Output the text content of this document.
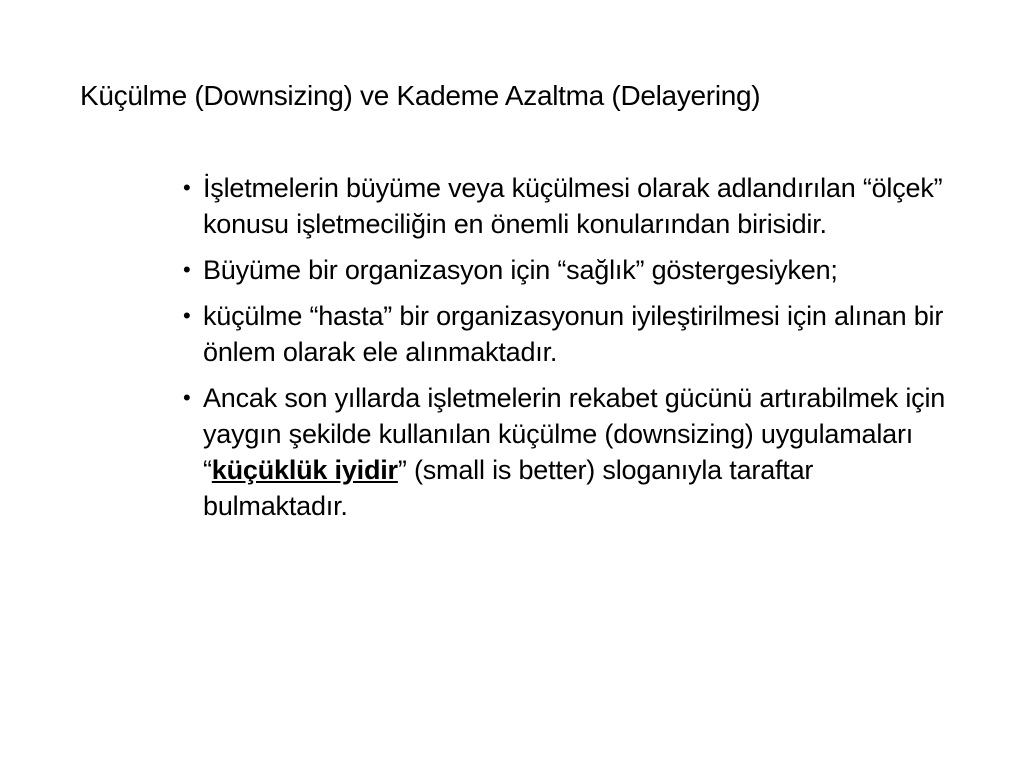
Küçülme (Downsizing) ve Kademe Azaltma (Delayering)
• İşletmelerin büyüme veya küçülmesi olarak adlandırılan “ölçek” konusu işletmeciliğin en önemli konularından birisidir.
• Büyüme bir organizasyon için “sağlık” göstergesiyken;
• küçülme “hasta” bir organizasyonun iyileştirilmesi için alınan bir önlem olarak ele alınmaktadır.
• Ancak son yıllarda işletmelerin rekabet gücünü artırabilmek için yaygın şekilde kullanılan küçülme (downsizing) uygulamaları “küçüklük iyidir” (small is better) sloganıyla taraftar bulmaktadır.
